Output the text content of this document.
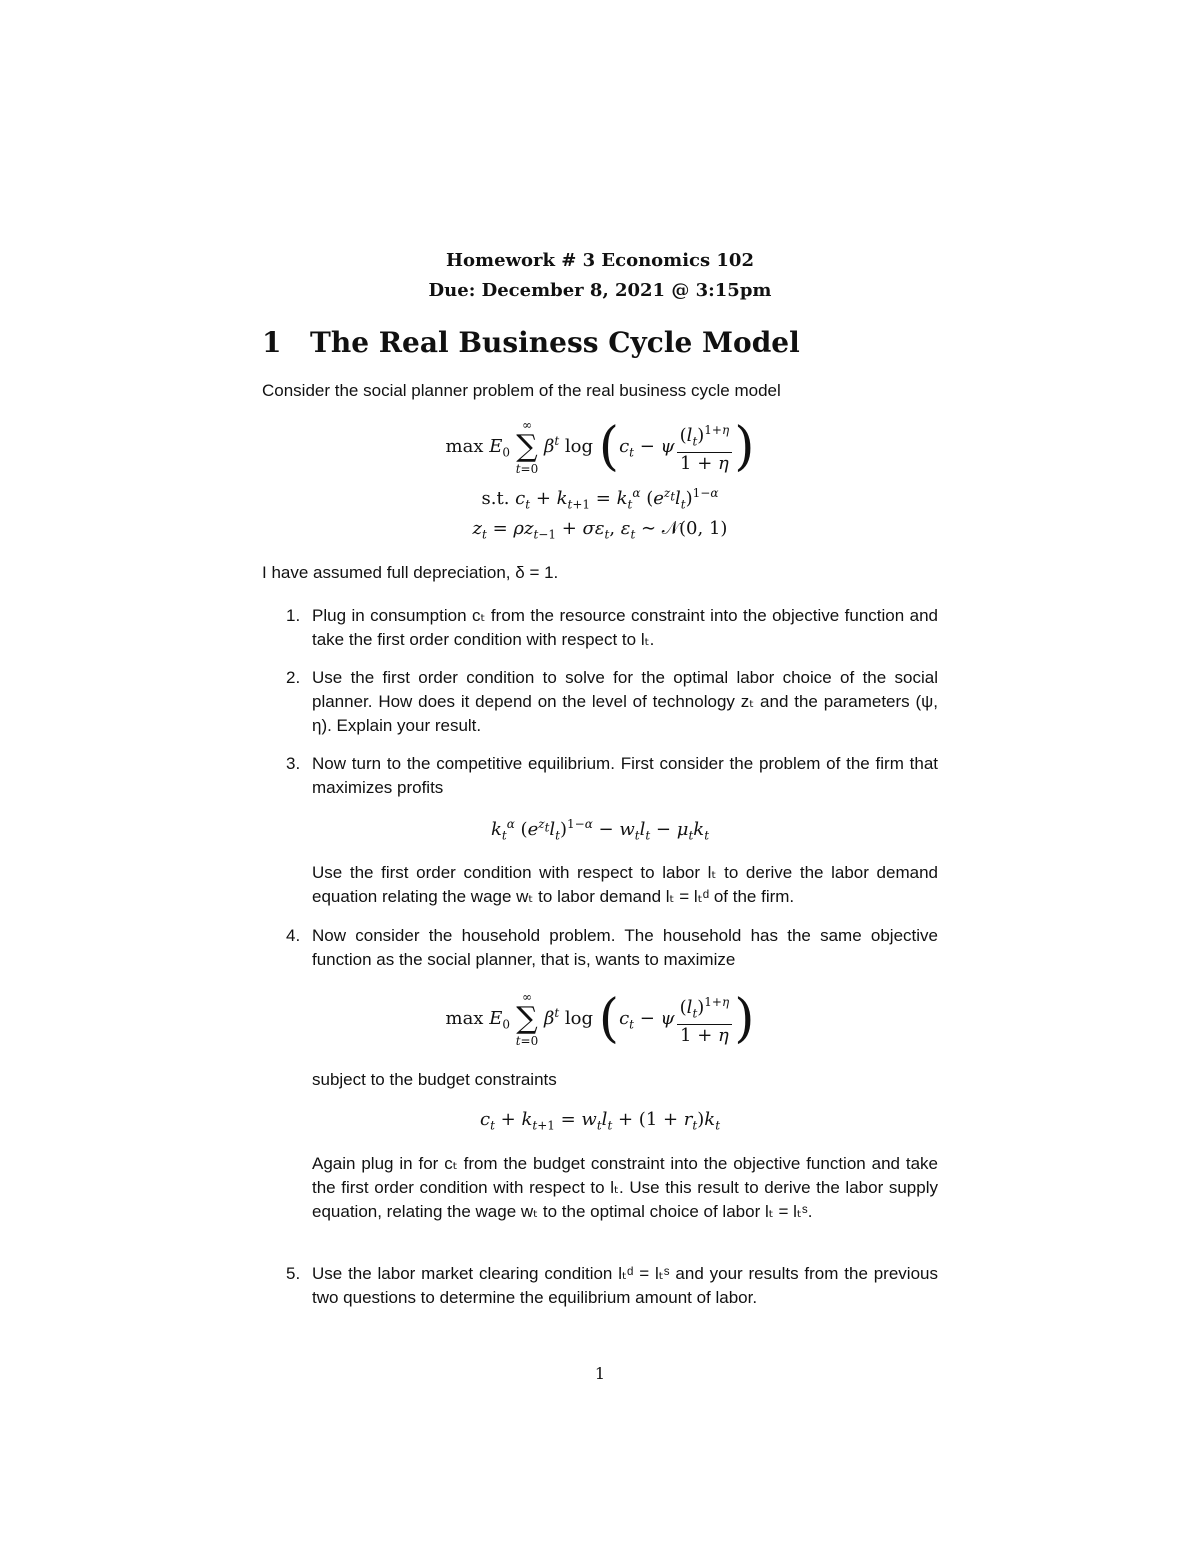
Homework # 3 Economics 102
Due: December 8, 2021 @ 3:15pm
1 The Real Business Cycle Model
Consider the social planner problem of the real business cycle model
$\max E_0$
∞
∑
t=0
$\beta^t$ $\log (c_t - \psi \frac{(l_t)^{1+\eta}}{1 + \eta}$ )
s.t. $c_t + k_{t+1} = k_t^\alpha$ $(e^{z_t}l_t)^{1-\alpha}$
$z_t = \rho z_{t-1} + \sigma\varepsilon_t$, $\varepsilon_t$ ∼ 𝒩(0, 1)
I have assumed full depreciation, δ = 1.
1. Plug in consumption cₜ from the resource constraint into the objective function and take the first order condition with respect to lₜ.
2. Use the first order condition to solve for the optimal labor choice of the social planner. How does it depend on the level of technology zₜ and the parameters (ψ, η). Explain your result.
3. Now turn to the competitive equilibrium. First consider the problem of the firm that maximizes profits
$k_t^\alpha$ $(e^{z_t}l_t)^{1-\alpha} - w_tl_t - \mu_tk_t$
Use the first order condition with respect to labor lₜ to derive the labor demand equation relating the wage wₜ to labor demand lₜ = lₜᵈ of the firm.
4. Now consider the household problem. The household has the same objective function as the social planner, that is, wants to maximize
$\max E_0$
∞
∑
t=0
$\beta^t$ $\log (c_t - \psi \frac{(l_t)^{1+\eta}}{1 + \eta}$ )
subject to the budget constraints
$c_t + k_{t+1} = w_tl_t + (1 + r_t)k_t$
Again plug in for cₜ from the budget constraint into the objective function and take the first order condition with respect to lₜ. Use this result to derive the labor supply equation, relating the wage wₜ to the optimal choice of labor lₜ = lₜˢ.
5. Use the labor market clearing condition lₜᵈ = lₜˢ and your results from the previous two questions to determine the equilibrium amount of labor.
1
